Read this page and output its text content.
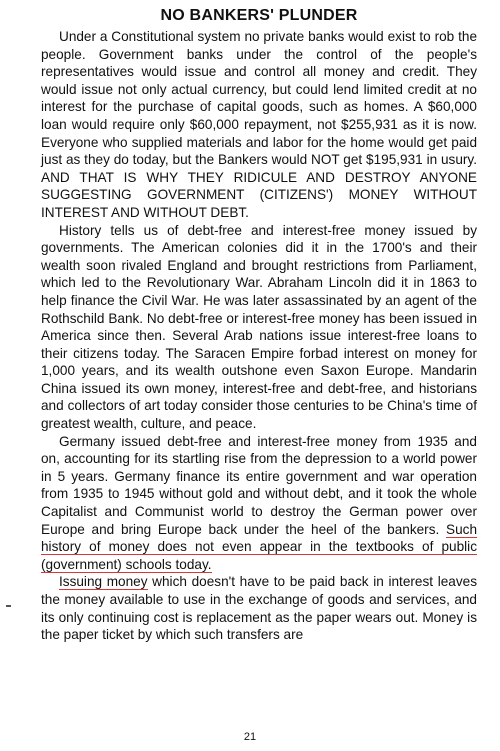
NO BANKERS' PLUNDER

Under a Constitutional system no private banks would exist to rob the people. Government banks under the control of the people's representatives would issue and control all money and credit. They would issue not only actual currency, but could lend limited credit at no interest for the purchase of capital goods, such as homes. A $60,000 loan would require only $60,000 repayment, not $255,931 as it is now. Everyone who supplied materials and labor for the home would get paid just as they do today, but the Bankers would NOT get $195,931 in usury. AND THAT IS WHY THEY RIDICULE AND DESTROY ANYONE SUGGESTING GOVERNMENT (CITIZENS') MONEY WITHOUT INTEREST AND WITHOUT DEBT.

History tells us of debt-free and interest-free money issued by governments. The American colonies did it in the 1700's and their wealth soon rivaled England and brought restrictions from Parliament, which led to the Revolutionary War. Abraham Lincoln did it in 1863 to help finance the Civil War. He was later assassinated by an agent of the Rothschild Bank. No debt-free or interest-free money has been issued in America since then. Several Arab nations issue interest-free loans to their citizens today. The Saracen Empire forbad interest on money for 1,000 years, and its wealth outshone even Saxon Europe. Mandarin China issued its own money, interest-free and debt-free, and historians and collectors of art today consider those centuries to be China's time of greatest wealth, culture, and peace.

Germany issued debt-free and interest-free money from 1935 and on, accounting for its startling rise from the depression to a world power in 5 years. Germany finance its entire government and war operation from 1935 to 1945 without gold and without debt, and it took the whole Capitalist and Communist world to destroy the German power over Europe and bring Europe back under the heel of the bankers. Such history of money does not even appear in the textbooks of public (government) schools today.

Issuing money which doesn't have to be paid back in interest leaves the money available to use in the exchange of goods and services, and its only continuing cost is replacement as the paper wears out. Money is the paper ticket by which such transfers are

21
